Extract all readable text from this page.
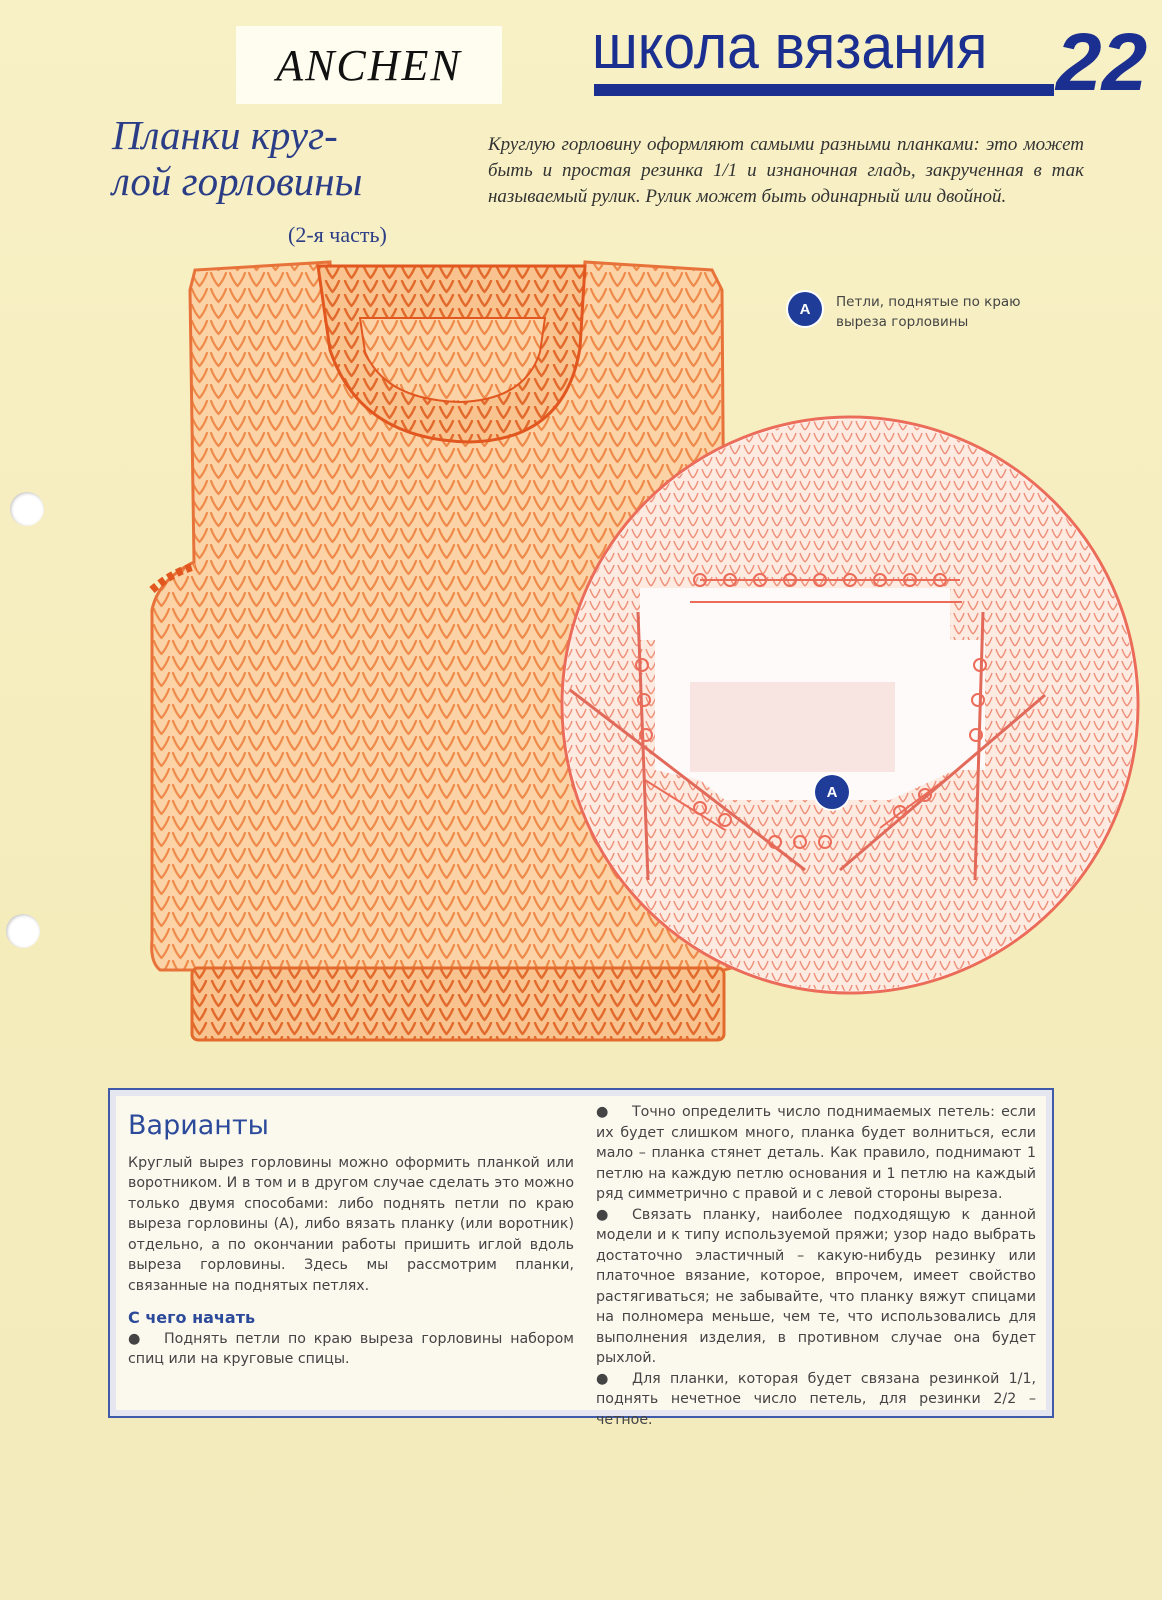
ANCHEN школа вязания 22
Планки круг-
лой горловины
(2-я часть)
Круглую горловину оформляют самыми разными планками: это может быть и простая резинка 1/1 и изнаночная гладь, закрученная в так называемый рулик. Рулик может быть одинарный или двойной.
A	Петли, поднятые по краю выреза горловины
A
Варианты
Круглый вырез горловины можно оформить планкой или воротником. И в том и в другом случае сделать это можно только двумя способами: либо поднять петли по краю выреза горловины (А), либо вязать планку (или воротник) отдельно, а по окончании работы пришить иглой вдоль выреза горловины. Здесь мы рассмотрим планки, связанные на поднятых петлях.
С чего начать
● Поднять петли по краю выреза горловины набором спиц или на круговые спицы.
● Точно определить число поднимаемых петель: если их будет слишком много, планка будет волниться, если мало – планка стянет деталь. Как правило, поднимают 1 петлю на каждую петлю основания и 1 петлю на каждый ряд симметрично с правой и с левой стороны выреза.
● Связать планку, наиболее подходящую к данной модели и к типу используемой пряжи; узор надо выбрать достаточно эластичный – какую-нибудь резинку или платочное вязание, которое, впрочем, имеет свойство растягиваться; не забывайте, что планку вяжут спицами на полномера меньше, чем те, что использовались для выполнения изделия, в противном случае она будет рыхлой.
● Для планки, которая будет связана резинкой 1/1, поднять нечетное число петель, для резинки 2/2 – четное.
